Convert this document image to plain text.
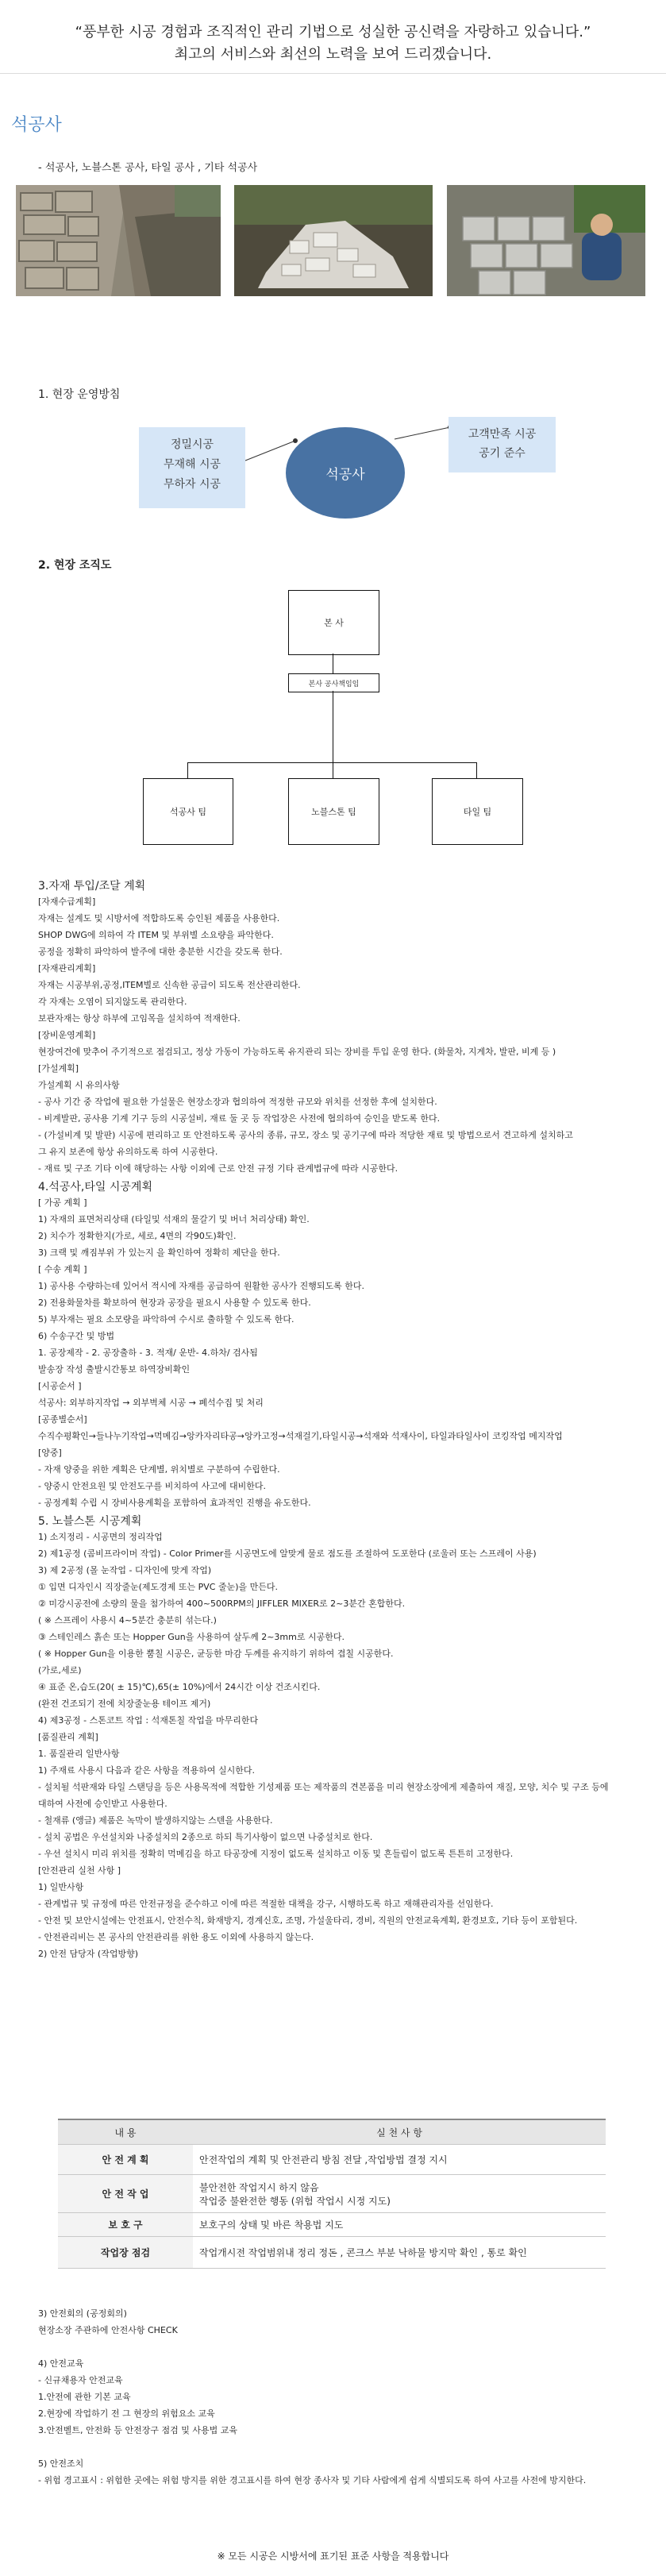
“풍부한 시공 경험과 조직적인 관리 기법으로 성실한 공신력을 자랑하고 있습니다.”
최고의 서비스와 최선의 노력을 보여 드리겠습니다.
석공사
- 석공사, 노블스톤 공사, 타일 공사 , 기타 석공사
1. 현장 운영방침
정밀시공
무재해 시공
무하자 시공
석공사
고객만족 시공
공기 준수
2. 현장 조직도
본 사
본사 공사책임임
석공사 팀	노블스톤 팀	타일 팀
3.자재 투입/조달 계획
[자재수급계획]
자재는 설계도 및 시방서에 적합하도록 승인된 제품을 사용한다.
SHOP DWG에 의하여 각 ITEM 및 부위별 소요량을 파악한다.
공정을 정확히 파악하여 발주에 대한 충분한 시간을 갖도록 한다.
[자재관리계획]
자재는 시공부위,공정,ITEM별로 신속한 공급이 되도록 전산관리한다.
각 자재는 오염이 되지않도록 관리한다.
보관자재는 항상 하부에 고임목을 설치하여 적재한다.
[장비운영계획]
현장여건에 맞추어 주기적으로 점검되고, 정상 가동이 가능하도록 유지관리 되는 장비를 투입 운영 한다. (화물차, 지게차, 발판, 비계 등 )
[가설계획]
가설계획 시 유의사항
- 공사 기간 중 작업에 필요한 가설물은 현장소장과 협의하여 적정한 규모와 위치를 선정한 후에 설치한다.
- 비계발판, 공사용 기계 기구 등의 시공설비, 재료 둘 곳 등 작업장은 사전에 협의하여 승인을 받도록 한다.
- (가설비계 및 발판) 시공에 편리하고 또 안전하도록 공사의 종류, 규모, 장소 및 공기구에 따라 적당한 재료 및 방법으로서 견고하게 설치하고
그 유지 보존에 항상 유의하도록 하여 시공한다.
- 재료 및 구조 기타 이에 해당하는 사항 이외에 근로 안전 규정 기타 관계법규에 따라 시공한다.
4.석공사,타일 시공계획
[ 가공 계획 ]
1) 자재의 표면처리상태 (타일및 석재의 물갈기 및 버너 처리상태) 확인.
2) 치수가 정확한지(가로, 세로, 4면의 각90도)확인.
3) 크랙 및 깨짐부위 가 있는지 을 확인하여 정확히 제단을 한다.
[ 수송 계획 ]
1) 공사용 수량하는데 있어서 적시에 자재를 공급하여 원활한 공사가 진행되도록 한다.
2) 전용화물차를 확보하여 현장과 공장을 필요시 사용할 수 있도록 한다.
5) 부자재는 필요 소모량을 파악하여 수시로 출하할 수 있도록 한다.
6) 수송구간 및 방법
1. 공장제작 - 2. 공장출하 - 3. 적재/ 운반- 4.하차/ 검사됨
발송장 작성 출발시간통보 하역장비확인
[시공순서 ]
석공사: 외부하지작업 → 외부벽체 시공 → 폐석수집 및 처리
[공종별순서]
수직수평확인→들나누기작업→먹메김→앙카자리타공→앙카고정→석재걸기,타일시공→석재와 석재사이, 타일과타일사이 코킹작업 메지작업
[양중]
- 자재 양중을 위한 계획은 단계별, 위치별로 구분하여 수립한다.
- 양중시 안전요원 및 안전도구를 비치하여 사고에 대비한다.
- 공정계획 수립 시 장비사용계획을 포함하여 효과적인 진행을 유도한다.
5. 노블스톤 시공계획
1) 소지정리 - 시공면의 정리작업
2) 제1공정 (콤비프라이머 작업) - Color Primer를 시공면도에 알맞게 물로 점도를 조절하여 도포한다 (로울러 또는 스프레이 사용)
3) 제 2공정 (몰 눈작업 - 디자인에 맞게 작업)
① 입면 디자인시 직장줄눈(제도경제 또는 PVC 줄눈)을 만든다.
② 미강시공전에 소량의 물을 첨가하여 400~500RPM의 JIFFLER MIXER로 2~3분간 혼합한다.
( ※ 스프레이 사용시 4~5분간 충분히 섞는다.)
③ 스테인레스 흙손 또는 Hopper Gun을 사용하여 살두께 2~3mm로 시공한다.
( ※ Hopper Gun을 이용한 뿜칠 시공은, 균등한 마감 두께를 유지하기 위하여 겹칠 시공한다.
(가로,세로)
④ 표준 온,습도(20( ± 15)℃),65(± 10%)에서 24시간 이상 건조시킨다.
(완전 건조되기 전에 치장줄눈용 테이프 제거)
4) 제3공정 - 스톤코트 작업 : 석재톤칠 작업을 마무리한다
[품질관리 계획]
1. 품질관리 일반사항
1) 주재료 사용시 다음과 같은 사항을 적용하여 실시한다.
- 설치될 석판재와 타일 스탠딩을 등은 사용목적에 적합한 기성제품 또는 제작품의 견본품을 미리 현장소장에게 제출하여 재질, 모양, 치수 및 구조 등에
대하여 사전에 승인받고 사용한다.
- 철재류 (앵글) 제품은 녹막이 발생하지않는 스텐을 사용한다.
- 설치 공법은 우선설치와 나중설치의 2종으로 하되 특기사항이 없으면 나중설치로 한다.
- 우선 설치시 미리 위치를 정확히 먹메김을 하고 타공장에 지정이 없도록 설치하고 이동 및 흔들림이 없도록 튼튼히 고정한다.
[안전관리 실천 사항 ]
1) 일반사항
- 관계법규 및 규정에 따른 안전규정을 준수하고 이에 따른 적절한 대책을 강구, 시행하도록 하고 재해관리자를 선임한다.
- 안전 및 보안시설에는 안전표시, 안전수칙, 화재방지, 경계신호, 조명, 가설울타리, 경비, 직원의 안전교육계획, 환경보호, 기타 등이 포함된다.
- 안전관리비는 본 공사의 안전관리를 위한 용도 이외에 사용하지 않는다.
2) 안전 담당자 (작업방향)
내 용	실 천 사 항
안 전 계 획	안전작업의 계획 및 안전관리 방침 전달 ,작업방법 결정 지시
안 전 작 업	불안전한 작업지시 하지 않음
작업중 불완전한 행동 (위험 작업시 시정 지도)

보 호 구	보호구의 상태 및 바른 착용법 지도
작업장 점검	작업개시전 작업범위내 정리 정돈 , 콘크스 부분 낙하물 방지막 확인 , 통로 확인
3) 안전회의 (공정회의)
현장소장 주관하에 안전사항 CHECK
4) 안전교육
- 신규채용자 안전교육
1.안전에 관한 기본 교육
2.현장에 작업하기 전 그 현장의 위험요소 교육
3.안전벨트, 안전화 등 안전장구 점검 및 사용법 교육
5) 안전조치
- 위험 경고표시 : 위험한 곳에는 위험 방지를 위한 경고표시를 하여 현장 종사자 및 기타 사람에게 쉽게 식별되도록 하여 사고를 사전에 방지한다.
※ 모든 시공은 시방서에 표기된 표준 사항을 적용합니다
